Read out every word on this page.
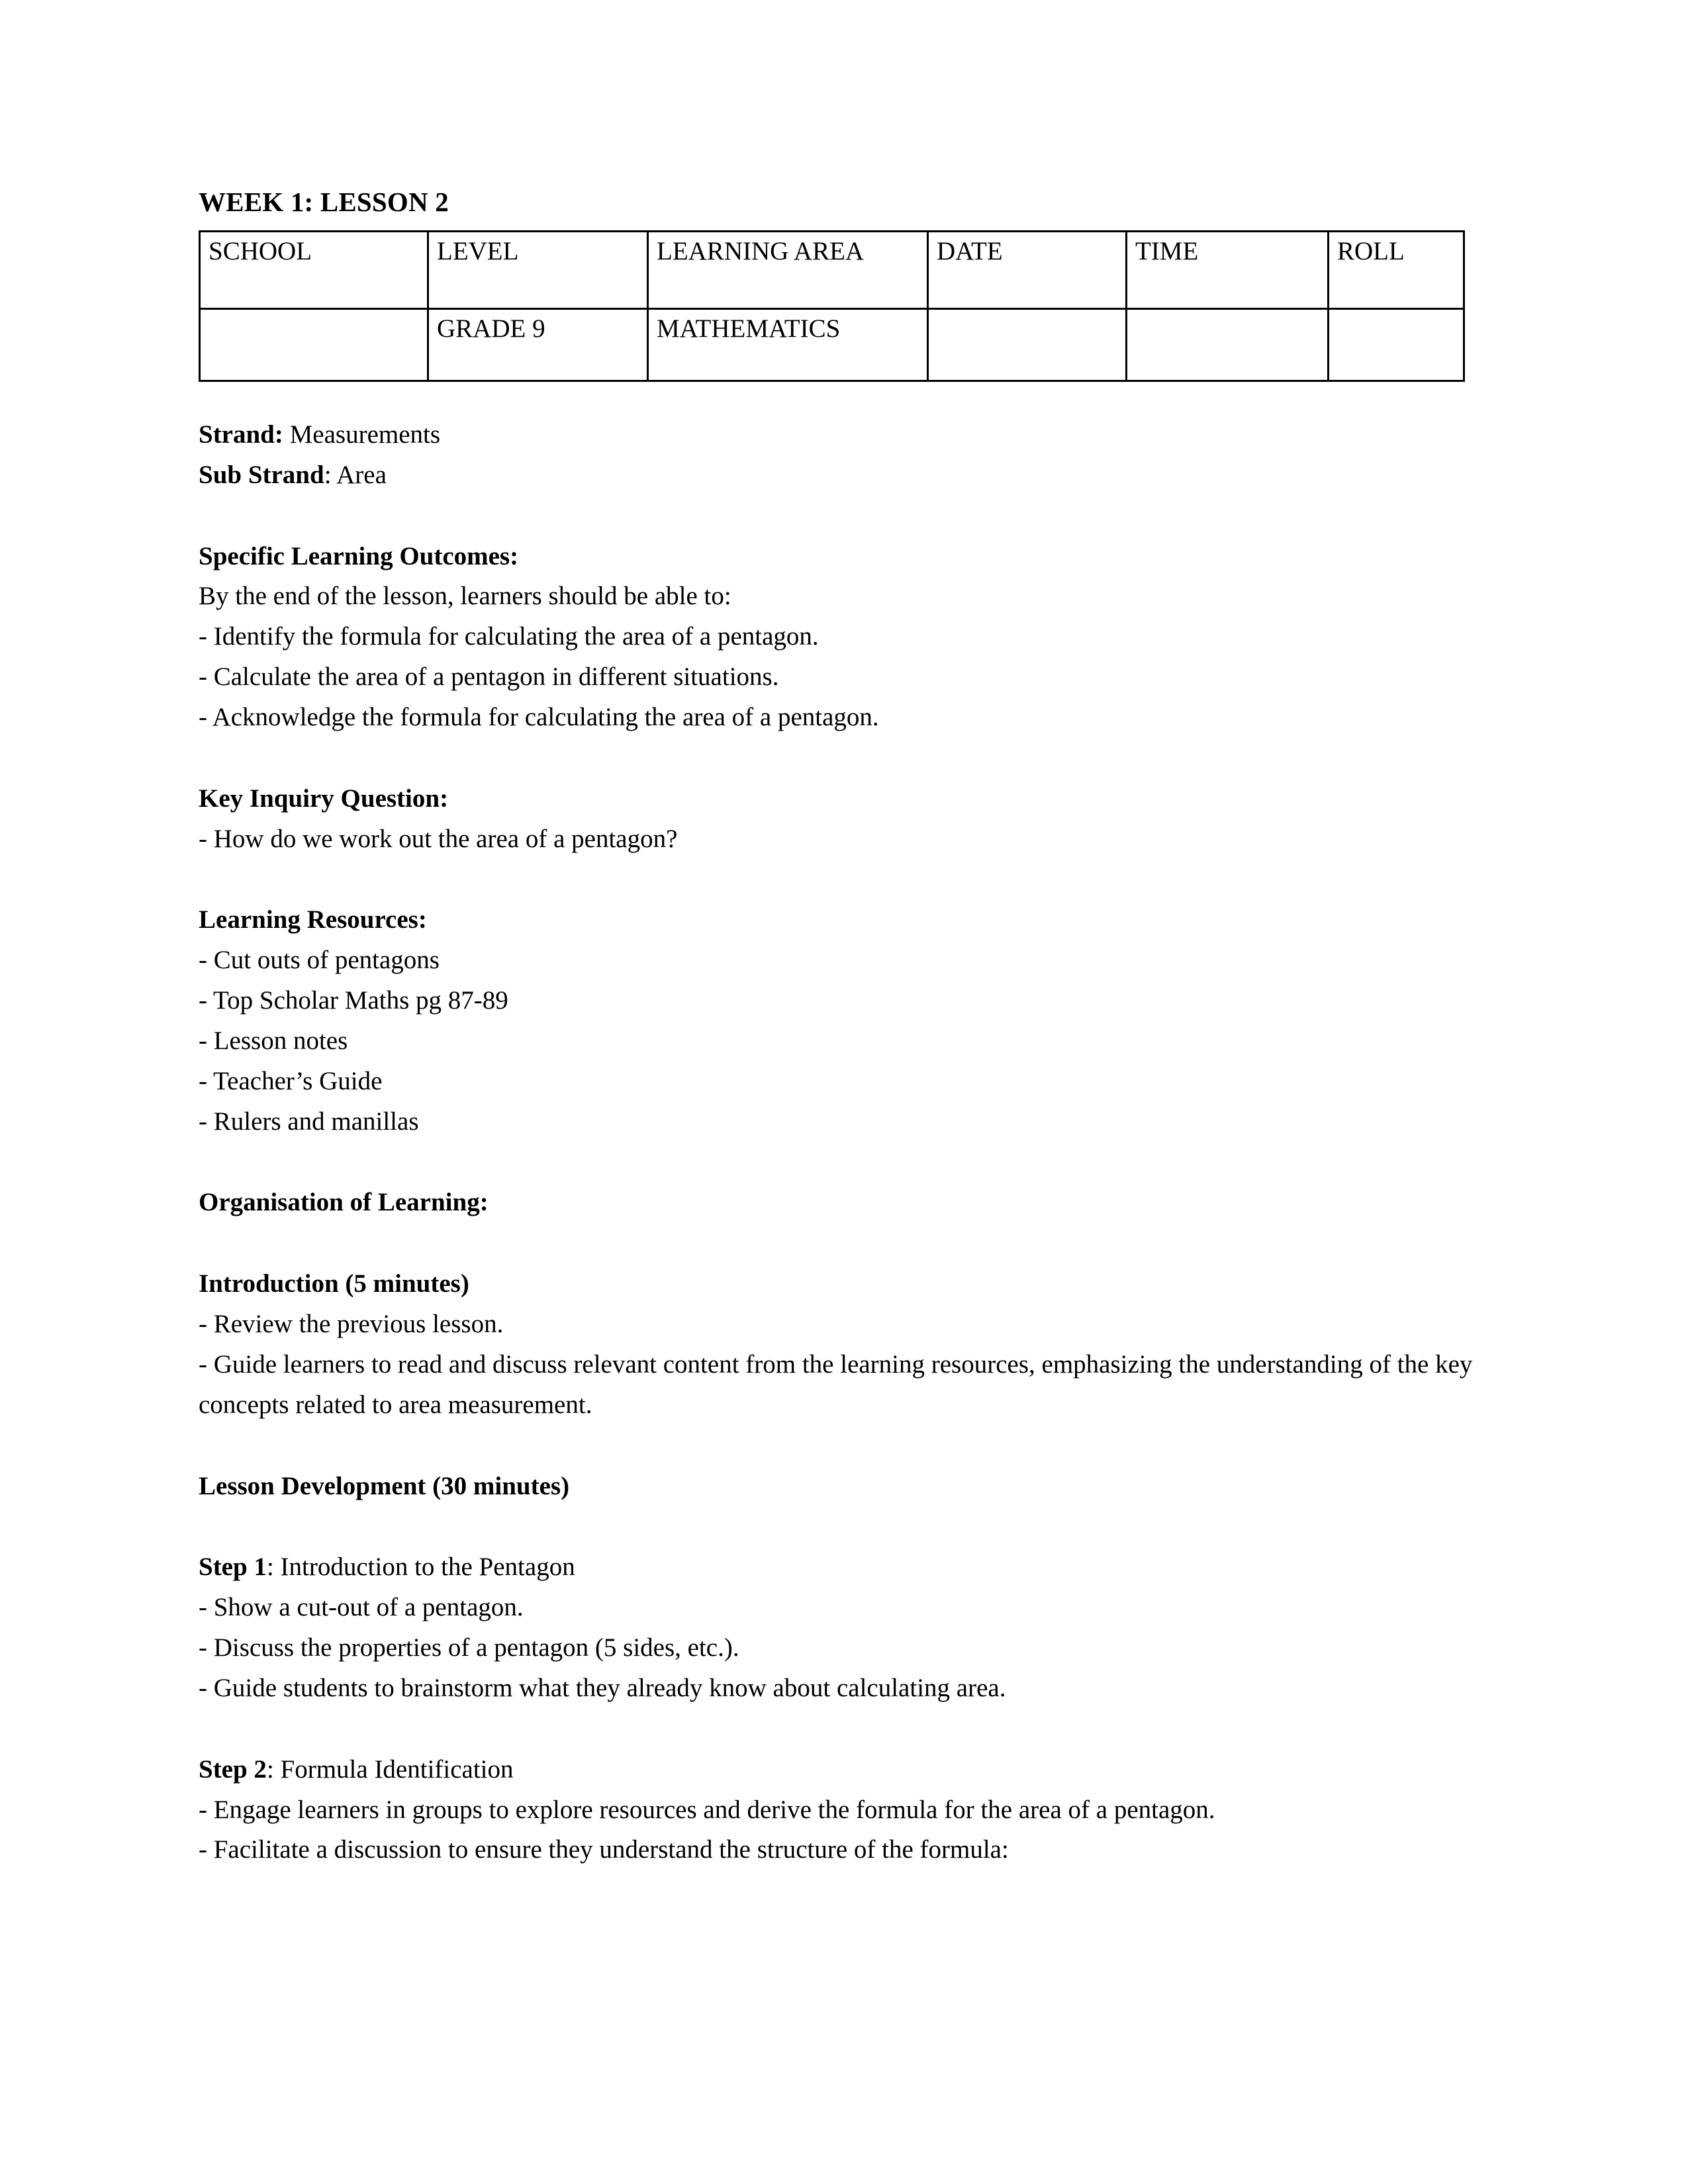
WEEK 1: LESSON 2
SCHOOL	LEVEL	LEARNING AREA	DATE	TIME	ROLL
	GRADE 9	MATHEMATICS			

Strand: Measurements

Sub Strand: Area

Specific Learning Outcomes:

By the end of the lesson, learners should be able to:

- Identify the formula for calculating the area of a pentagon.
- Calculate the area of a pentagon in different situations.
- Acknowledge the formula for calculating the area of a pentagon.

Key Inquiry Question:

- How do we work out the area of a pentagon?

Learning Resources:

- Cut outs of pentagons
- Top Scholar Maths pg 87-89
- Lesson notes
- Teacher’s Guide
- Rulers and manillas

Organisation of Learning:

Introduction (5 minutes)

- Review the previous lesson.
- Guide learners to read and discuss relevant content from the learning resources, emphasizing the understanding of the key concepts related to area measurement.

Lesson Development (30 minutes)

Step 1: Introduction to the Pentagon

- Show a cut-out of a pentagon.
- Discuss the properties of a pentagon (5 sides, etc.).
- Guide students to brainstorm what they already know about calculating area.

Step 2: Formula Identification

- Engage learners in groups to explore resources and derive the formula for the area of a pentagon.
- Facilitate a discussion to ensure they understand the structure of the formula:
